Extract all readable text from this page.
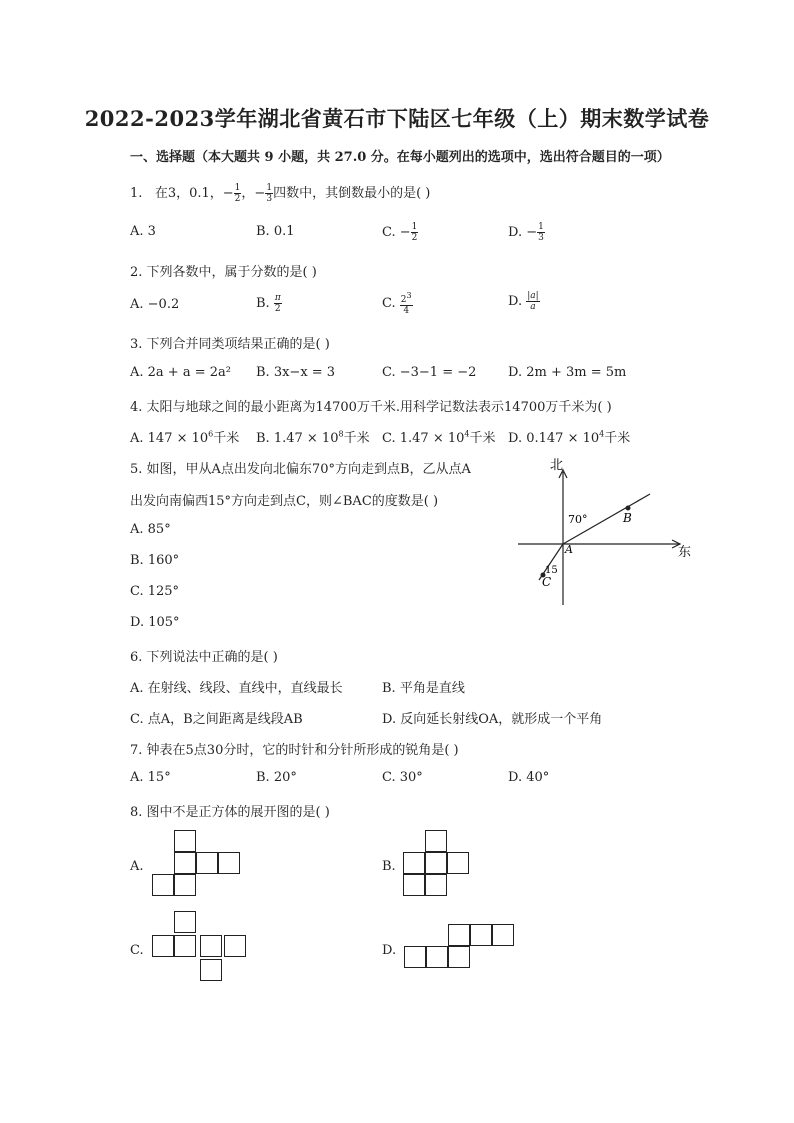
2022-2023学年湖北省黄石市下陆区七年级（上）期末数学试卷
一、选择题（本大题共 9 小题，共 27.0 分。在每小题列出的选项中，选出符合题目的一项）
1. 在3，0.1，− $\frac{1}{2}$ ，− $\frac{1}{3}$ 四数中，其倒数最小的是( )
A. 3	B. 0.1	C. − $\frac{1}{2}$	D. − $\frac{1}{3}$
2. 下列各数中，属于分数的是( )
A. −0.2	B. $\frac{\pi}{2}$	C. $\frac{2^3}{4}$	D. $\frac{|a|}{a}$
3. 下列合并同类项结果正确的是( )
A. 2a + a = 2a² B. 3x−x = 3	C. −3−1 = −2 D. 2m + 3m = 5m
4. 太阳与地球之间的最小距离为14700万千米.用科学记数法表示14700万千米为( )
A. $147 \times 10^6$千米 B. $1.47 \times 10^8$千米 C. $1.47 \times 10^4$千米 D. $0.147 \times 10^4$千米
5. 如图，甲从A点出发向北偏东70°方向走到点B，乙从点A
出发向南偏西15°方向走到点C，则∠BAC的度数是( )
A. 85°
B. 160°
C. 125°
D. 105°
北
东
70°
15
A
B
C
6. 下列说法中正确的是( )
A. 在射线、线段、直线中，直线最长	B. 平角是直线
C. 点A，B之间距离是线段AB	D. 反向延长射线OA，就形成一个平角
7. 钟表在5点30分时，它的时针和分针所形成的锐角是( )
A. 15°	B. 20°	C. 30°	D. 40°
8. 图中不是正方体的展开图的是( )
A.	B.
C.	D.
